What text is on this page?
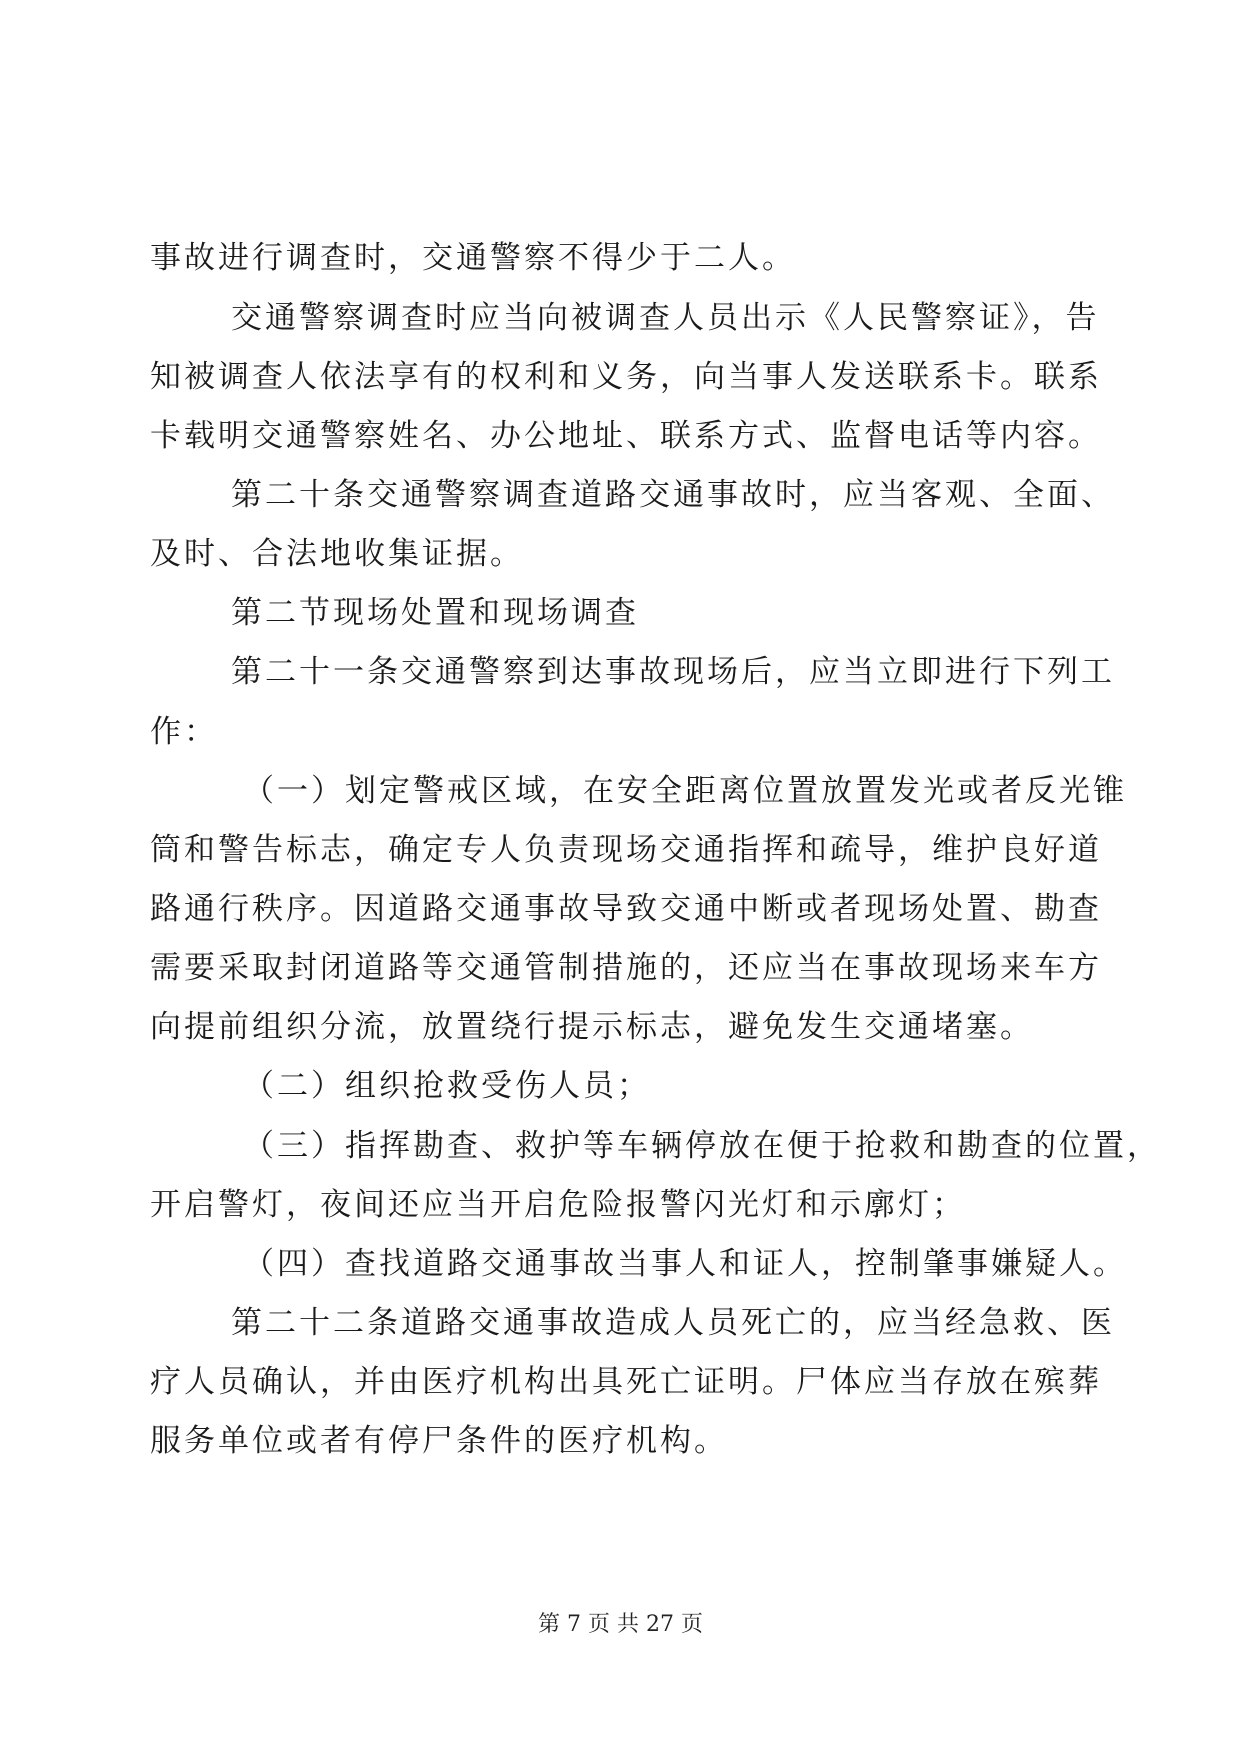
事故进行调查时，交通警察不得少于二人。
交通警察调查时应当向被调查人员出示《人民警察证》，告
知被调查人依法享有的权利和义务，向当事人发送联系卡。联系
卡载明交通警察姓名、办公地址、联系方式、监督电话等内容。
第二十条交通警察调查道路交通事故时，应当客观、全面、
及时、合法地收集证据。
第二节现场处置和现场调查
第二十一条交通警察到达事故现场后，应当立即进行下列工
作：
（一）划定警戒区域，在安全距离位置放置发光或者反光锥
筒和警告标志，确定专人负责现场交通指挥和疏导，维护良好道
路通行秩序。因道路交通事故导致交通中断或者现场处置、勘查
需要采取封闭道路等交通管制措施的，还应当在事故现场来车方
向提前组织分流，放置绕行提示标志，避免发生交通堵塞。
（二）组织抢救受伤人员；
（三）指挥勘查、救护等车辆停放在便于抢救和勘查的位置，
开启警灯，夜间还应当开启危险报警闪光灯和示廓灯；
（四）查找道路交通事故当事人和证人，控制肇事嫌疑人。
第二十二条道路交通事故造成人员死亡的，应当经急救、医
疗人员确认，并由医疗机构出具死亡证明。尸体应当存放在殡葬
服务单位或者有停尸条件的医疗机构。
第 7 页 共 27 页
